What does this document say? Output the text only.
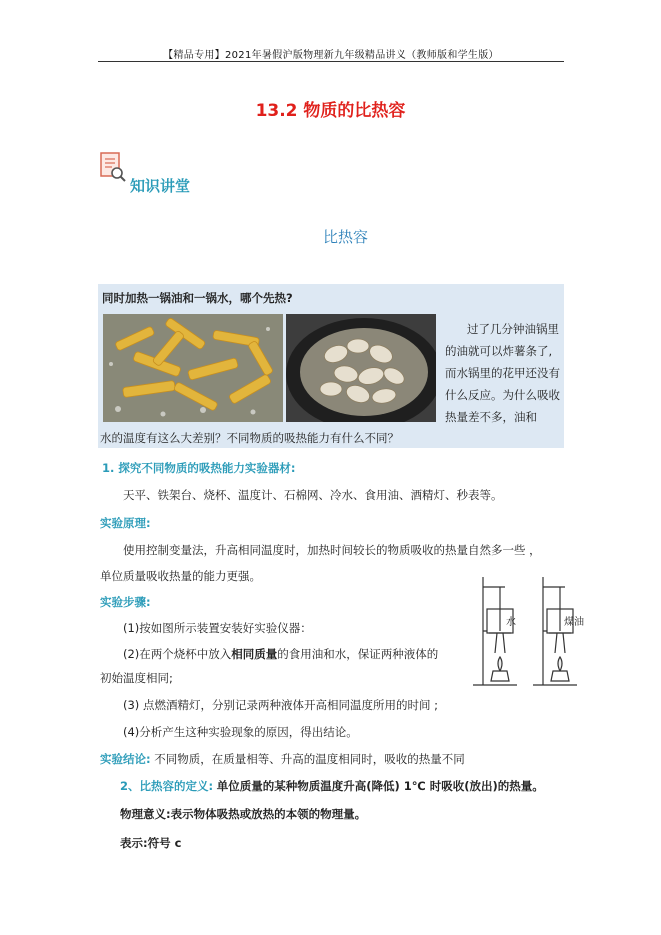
【精品专用】2021年暑假沪版物理新九年级精品讲义（教师版和学生版）
13.2 物质的比热容
知识讲堂
比热容
同时加热一锅油和一锅水，哪个先热?
过了几分钟油锅里的油就可以炸薯条了,而水锅里的花甲还没有什么反应。为什么吸收热量差不多，油和
水的温度有这么大差别？不同物质的吸热能力有什么不同？
1. 探究不同物质的吸热能力实验器材:
天平、铁架台、烧杯、温度计、石棉网、冷水、食用油、酒精灯、秒表等。
实验原理:
使用控制变量法，升高相同温度时，加热时间较长的物质吸收的热量自然多一些 ，
单位质量吸收热量的能力更强。
实验步骤:
(1)按如图所示装置安装好实验仪器：
(2)在两个烧杯中放入相同质量的食用油和水，保证两种液体的
初始温度相同;
(3) 点燃酒精灯，分别记录两种液体开高相同温度所用的时间 ;
(4)分析产生这种实验现象的原因，得出结论。
水	煤油
实验结论: 不同物质，在质量相等、升高的温度相同时，吸收的热量不同
2、比热容的定义: 单位质量的某种物质温度升高(降低) 1℃ 时吸收(放出)的热量。
物理意义:表示物体吸热或放热的本领的物理量。
表示:符号 c
